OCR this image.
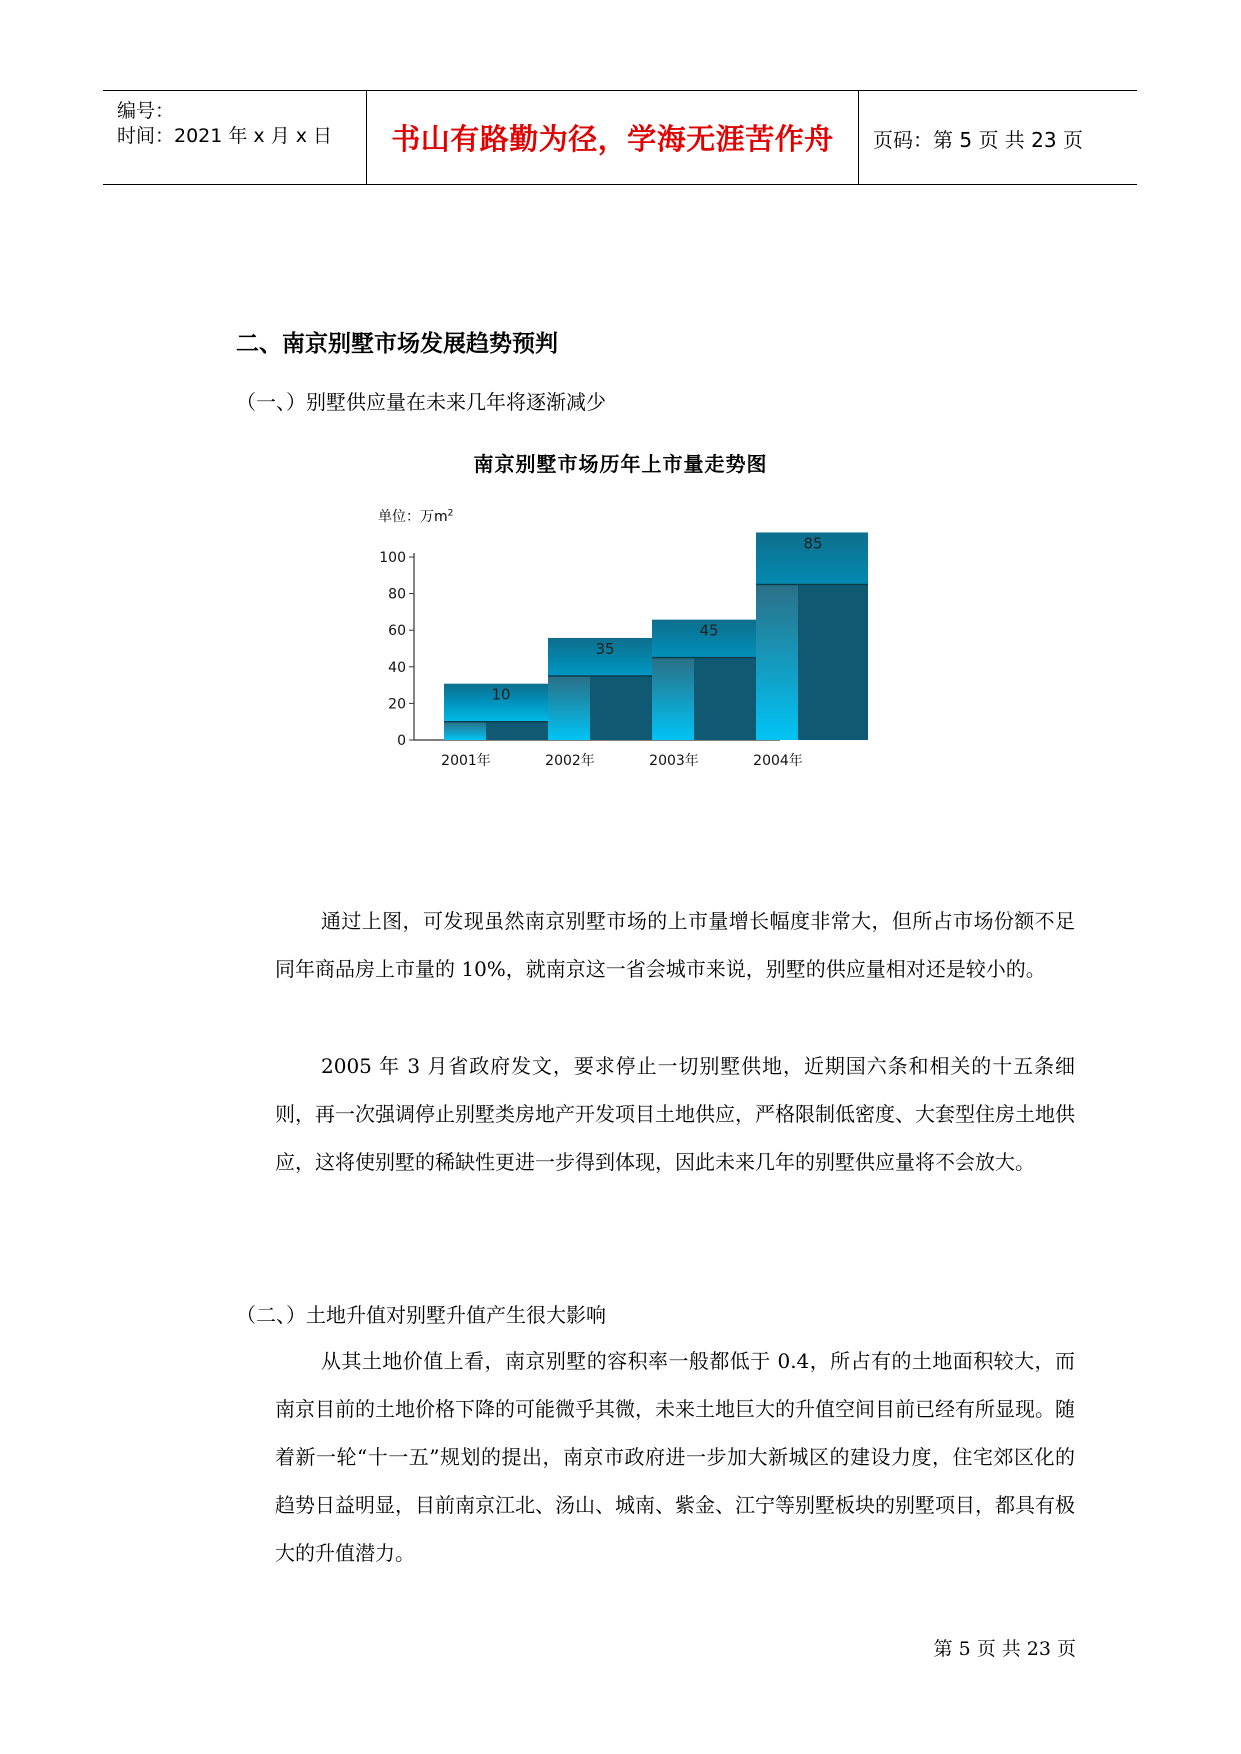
编号：
时间：2021 年 x 月 x 日	书山有路勤为径，学海无涯苦作舟	页码：第 5 页 共 23 页
二、南京别墅市场发展趋势预判
（一、）别墅供应量在未来几年将逐渐减少
南京别墅市场历年上市量走势图
单位：万$m^2$
0
20
40
60
80
100
10
2001年
35
2002年
45
2003年
85
2004年
通过上图，可发现虽然南京别墅市场的上市量增长幅度非常大，但所占市场份额不足同年商品房上市量的 10%，就南京这一省会城市来说，别墅的供应量相对还是较小的。
2005 年 3 月省政府发文，要求停止一切别墅供地，近期国六条和相关的十五条细则，再一次强调停止别墅类房地产开发项目土地供应，严格限制低密度、大套型住房土地供应，这将使别墅的稀缺性更进一步得到体现，因此未来几年的别墅供应量将不会放大。
（二、）土地升值对别墅升值产生很大影响
从其土地价值上看，南京别墅的容积率一般都低于 0.4，所占有的土地面积较大，而南京目前的土地价格下降的可能微乎其微，未来土地巨大的升值空间目前已经有所显现。随着新一轮“十一五”规划的提出，南京市政府进一步加大新城区的建设力度，住宅郊区化的趋势日益明显，目前南京江北、汤山、城南、紫金、江宁等别墅板块的别墅项目，都具有极大的升值潜力。
第 5 页 共 23 页
